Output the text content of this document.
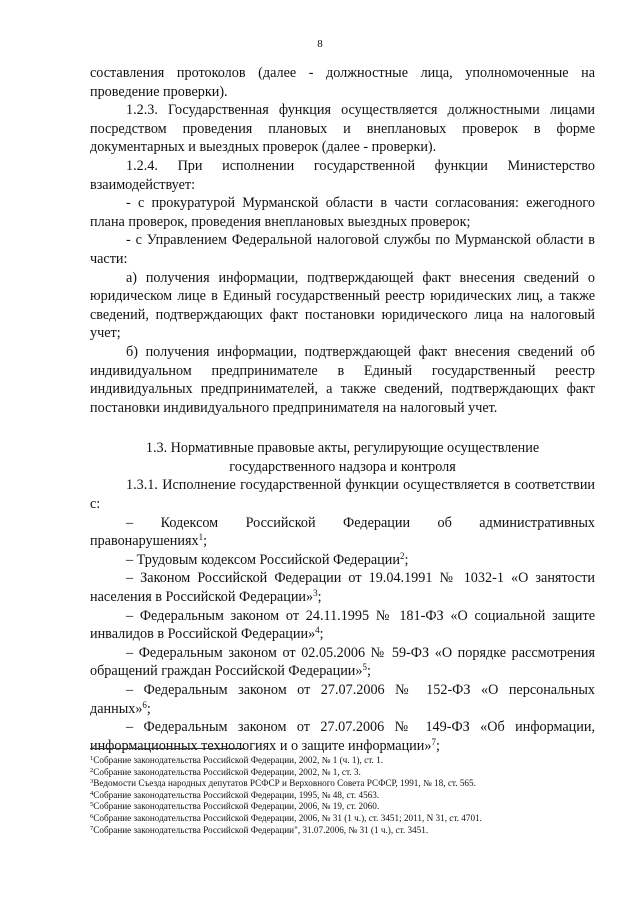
8

составления протоколов (далее - должностные лица, уполномоченные на проведение проверки).

1.2.3. Государственная функция осуществляется должностными лицами посредством проведения плановых и внеплановых проверок в форме документарных и выездных проверок (далее - проверки).

1.2.4. При исполнении государственной функции Министерство взаимодействует:

- с прокуратурой Мурманской области в части согласования: ежегодного плана проверок, проведения внеплановых выездных проверок;

- с Управлением Федеральной налоговой службы по Мурманской области в части:

а) получения информации, подтверждающей факт внесения сведений о юридическом лице в Единый государственный реестр юридических лиц, а также сведений, подтверждающих факт постановки юридического лица на налоговый учет;

б) получения информации, подтверждающей факт внесения сведений об индивидуальном предпринимателе в Единый государственный реестр индивидуальных предпринимателей, а также сведений, подтверждающих факт постановки индивидуального предпринимателя на налоговый учет.

1.3. Нормативные правовые акты, регулирующие осуществление
государственного надзора и контроля

1.3.1. Исполнение государственной функции осуществляется в соответствии с:

– Кодексом Российской Федерации об административных правонарушениях$^1$;

– Трудовым кодексом Российской Федерации$^2$;

– Законом Российской Федерации от 19.04.1991 № 1032-1 «О занятости населения в Российской Федерации»$^3$;

– Федеральным законом от 24.11.1995 № 181-ФЗ «О социальной защите инвалидов в Российской Федерации»$^4$;

– Федеральным законом от 02.05.2006 № 59-ФЗ «О порядке рассмотрения обращений граждан Российской Федерации»$^5$;

– Федеральным законом от 27.07.2006 № 152-ФЗ «О персональных данных»$^6$;

– Федеральным законом от 27.07.2006 № 149-ФЗ «Об информации, информационных технологиях и о защите информации»$^7$;

$^1$Собрание законодательства Российской Федерации, 2002, № 1 (ч. 1), ст. 1.
$^2$Собрание законодательства Российской Федерации, 2002, № 1, ст. 3.
$^3$Ведомости Съезда народных депутатов РСФСР и Верховного Совета РСФСР, 1991, № 18, ст. 565.
$^4$Собрание законодательства Российской Федерации, 1995, № 48, ст. 4563.
$^5$Собрание законодательства Российской Федерации, 2006, № 19, ст. 2060.
$^6$Собрание законодательства Российской Федерации, 2006, № 31 (1 ч.), ст. 3451; 2011, N 31, ст. 4701.
$^7$Собрание законодательства Российской Федерации", 31.07.2006, № 31 (1 ч.), ст. 3451.
